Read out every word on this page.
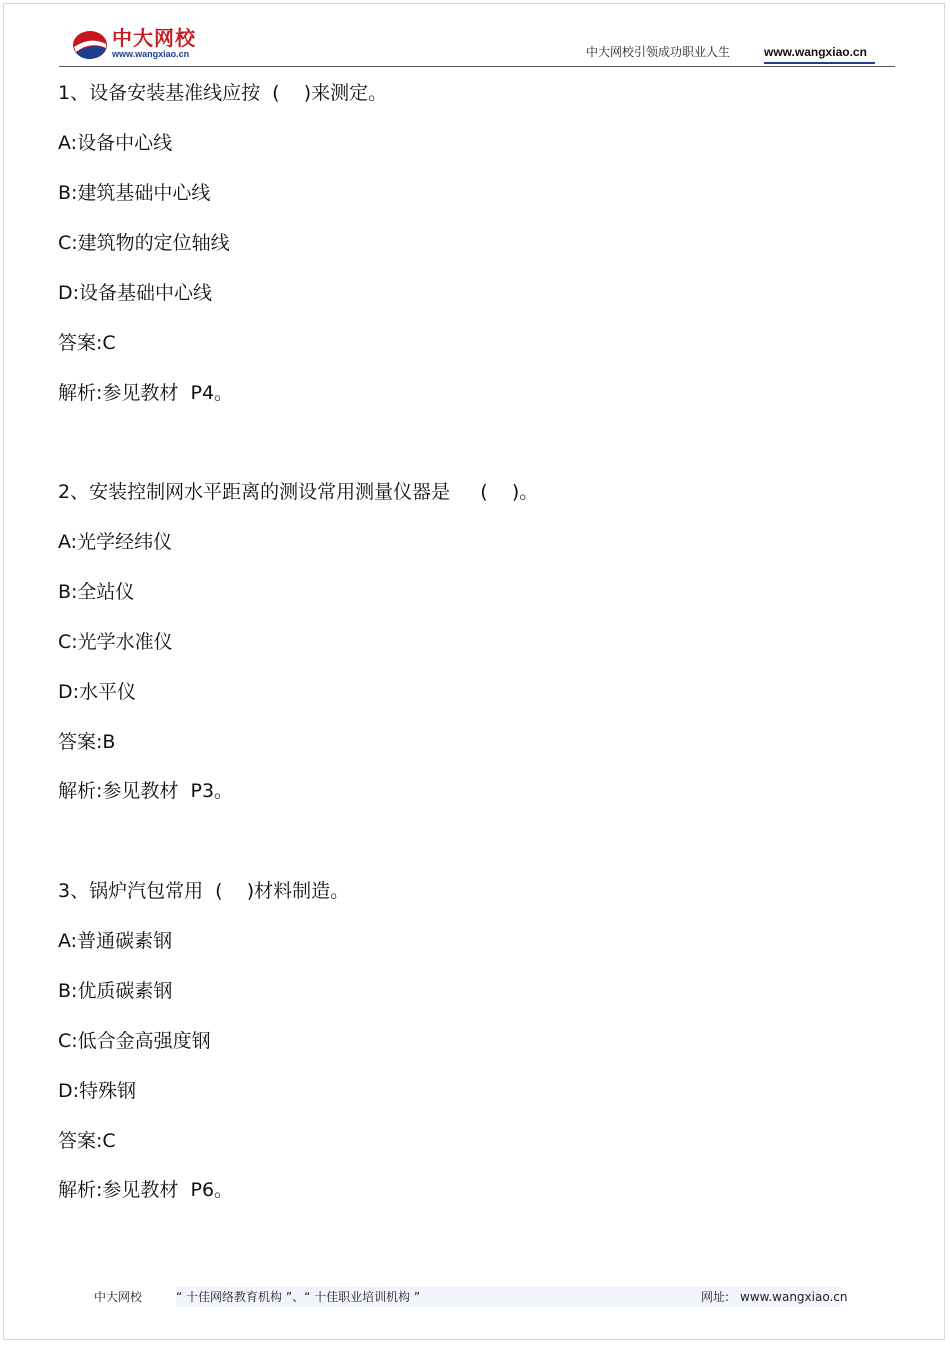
中大网校
www.wangxiao.cn	中大网校引领成功职业人生	www.wangxiao.cn
1、设备安装基准线应按  (    )来测定。
A:设备中心线
B:建筑基础中心线
C:建筑物的定位轴线
D:设备基础中心线
答案:C
解析:参见教材  P4。
2、安装控制网水平距离的测设常用测量仪器是     (    )。
A:光学经纬仪
B:全站仪
C:光学水准仪
D:水平仪
答案:B
解析:参见教材  P3。
3、锅炉汽包常用  (    )材料制造。
A:普通碳素钢
B:优质碳素钢
C:低合金高强度钢
D:特殊钢
答案:C
解析:参见教材  P6。
中大网校	“ 十佳网络教育机构 ”、“ 十佳职业培训机构 ”	网址: www.wangxiao.cn
